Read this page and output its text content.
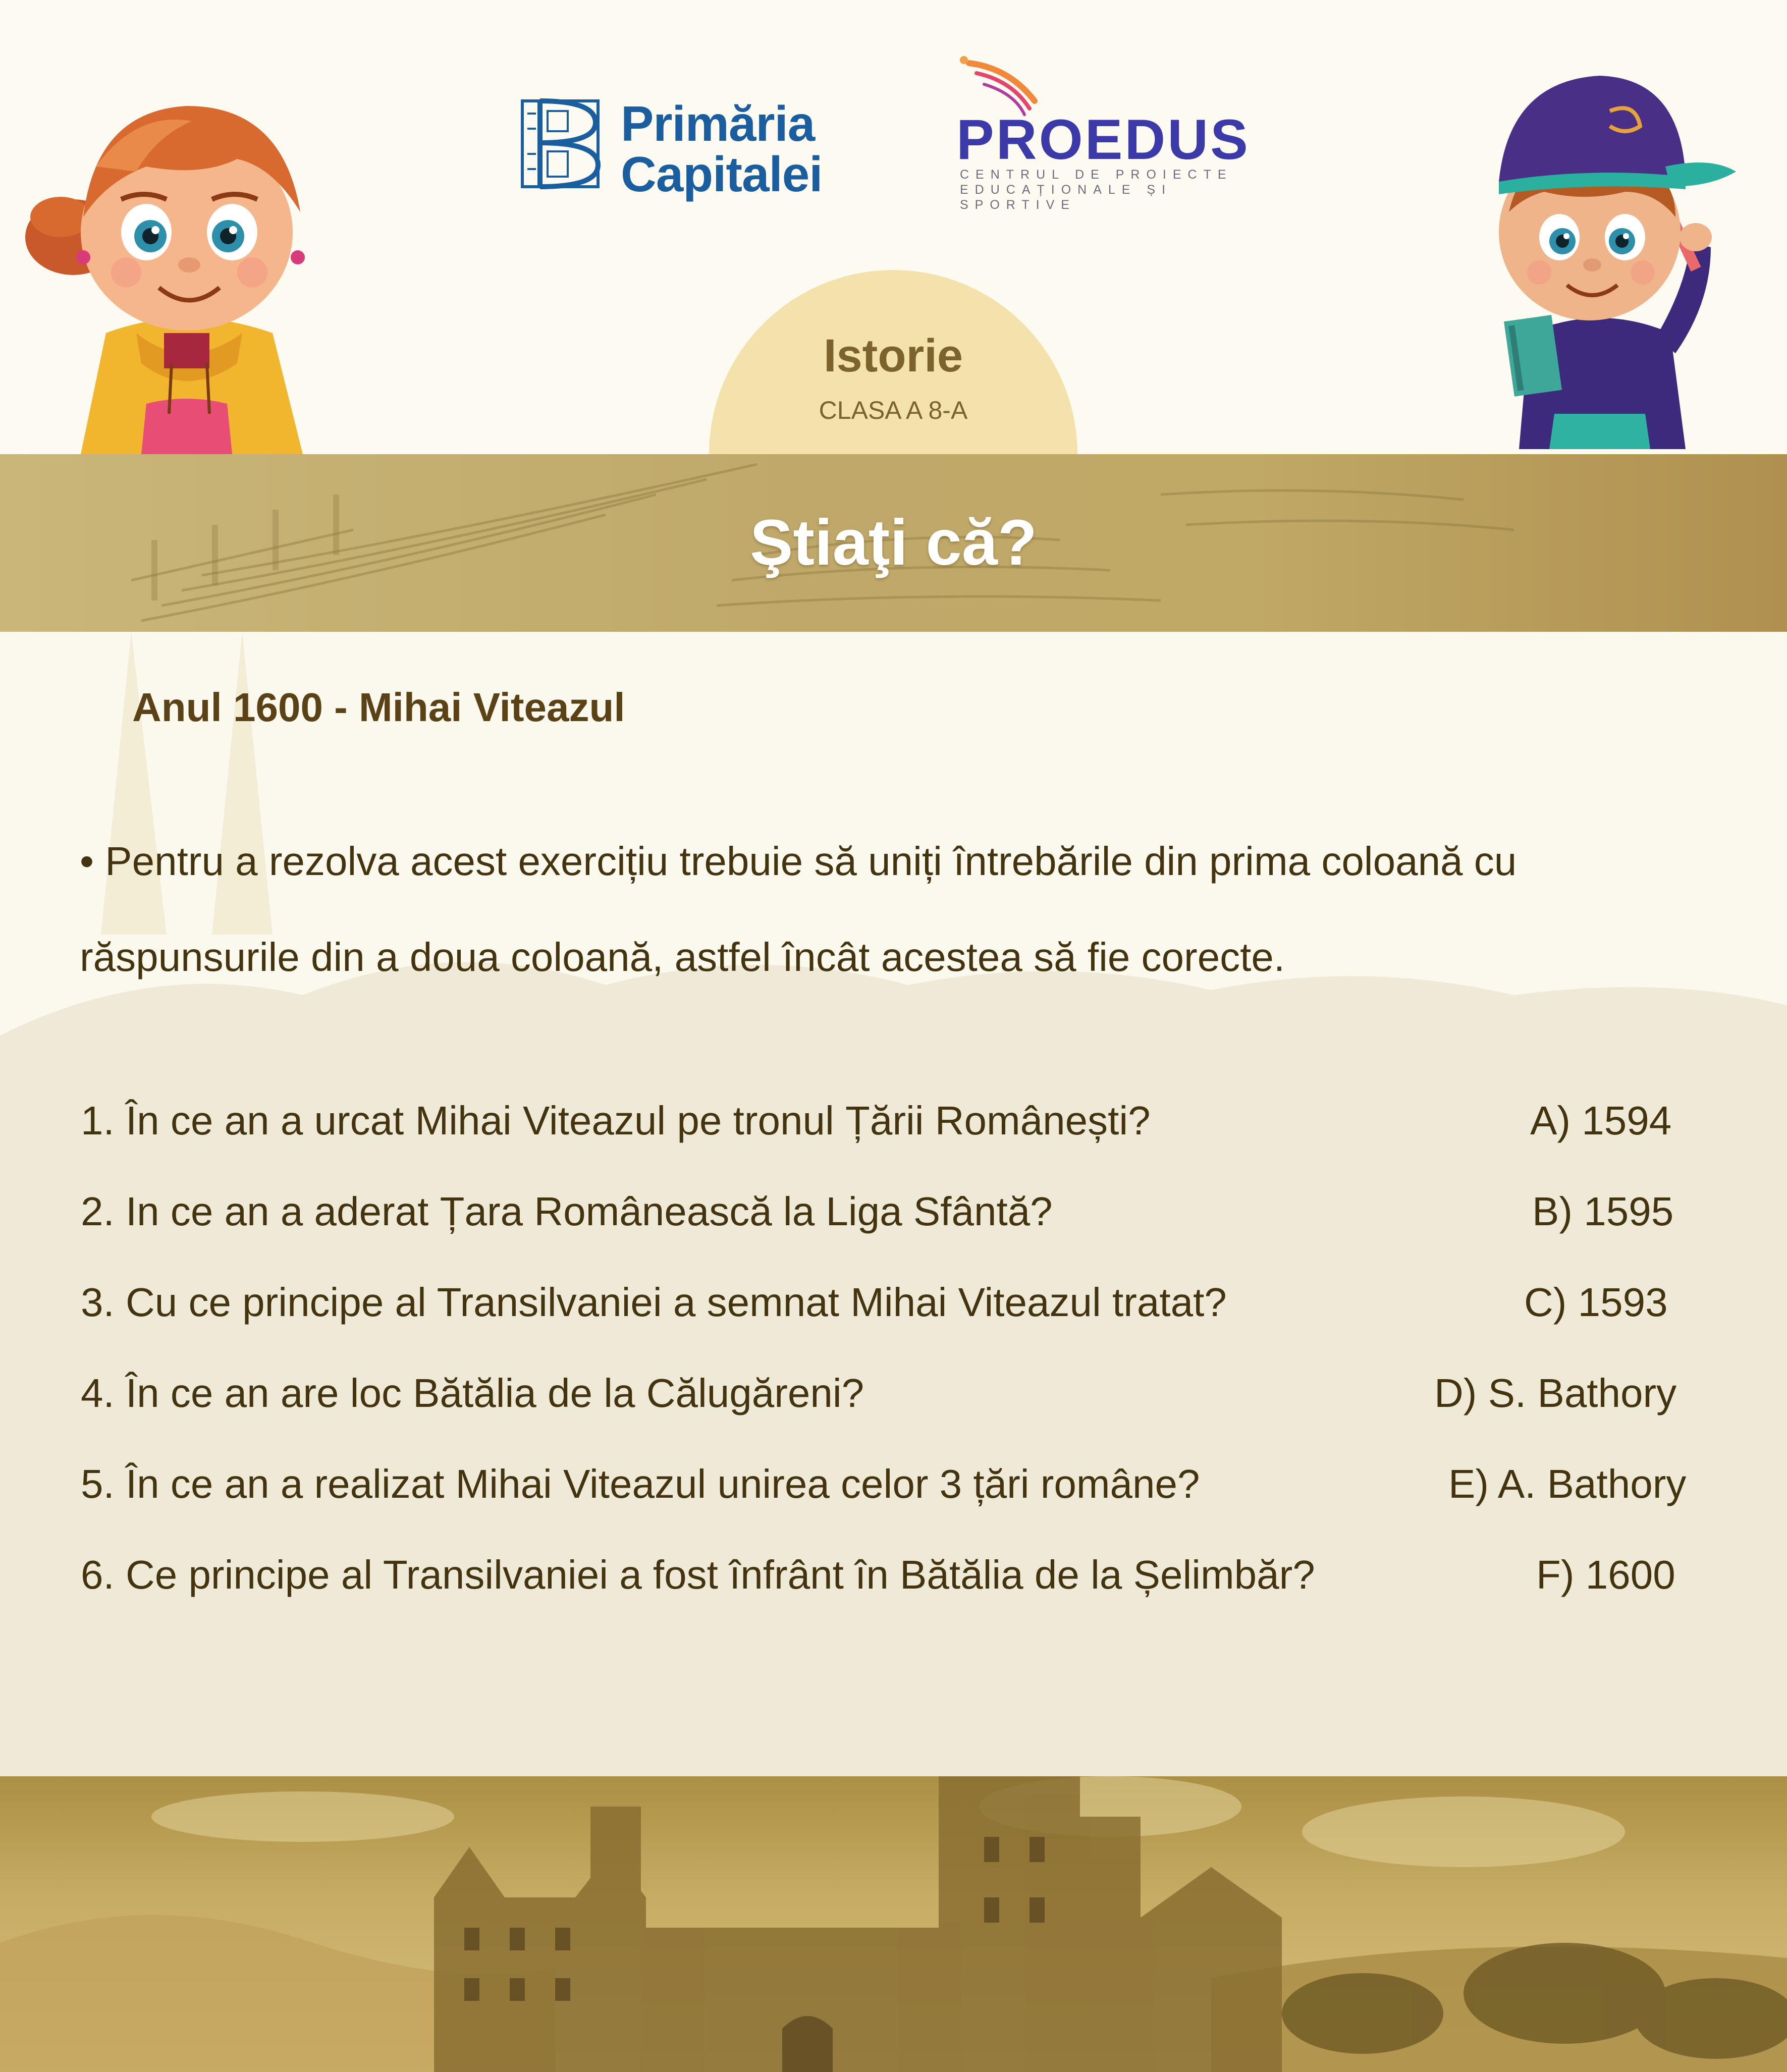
Primăria
Capitalei
PROEDUS
CENTRUL DE PROIECTE
EDUCAȚIONALE ȘI SPORTIVE
Istorie
CLASA A 8-A
Ştiaţi că?
Anul 1600 - Mihai Viteazul
• Pentru a rezolva acest exercițiu trebuie să uniți întrebările din prima coloană cu răspunsurile din a doua coloană, astfel încât acestea să fie corecte.
1. În ce an a urcat Mihai Viteazul pe tronul Țării Românești?
2. In ce an a aderat Țara Românească la Liga Sfântă?
3. Cu ce principe al Transilvaniei a semnat Mihai Viteazul tratat?
4. În ce an are loc Bătălia de la Călugăreni?
5. În ce an a realizat Mihai Viteazul unirea celor 3 țări române?
6. Ce principe al Transilvaniei a fost înfrânt în Bătălia de la Șelimbăr?
A) 1594
B) 1595
C) 1593
D) S. Bathory
E) A. Bathory
F) 1600
